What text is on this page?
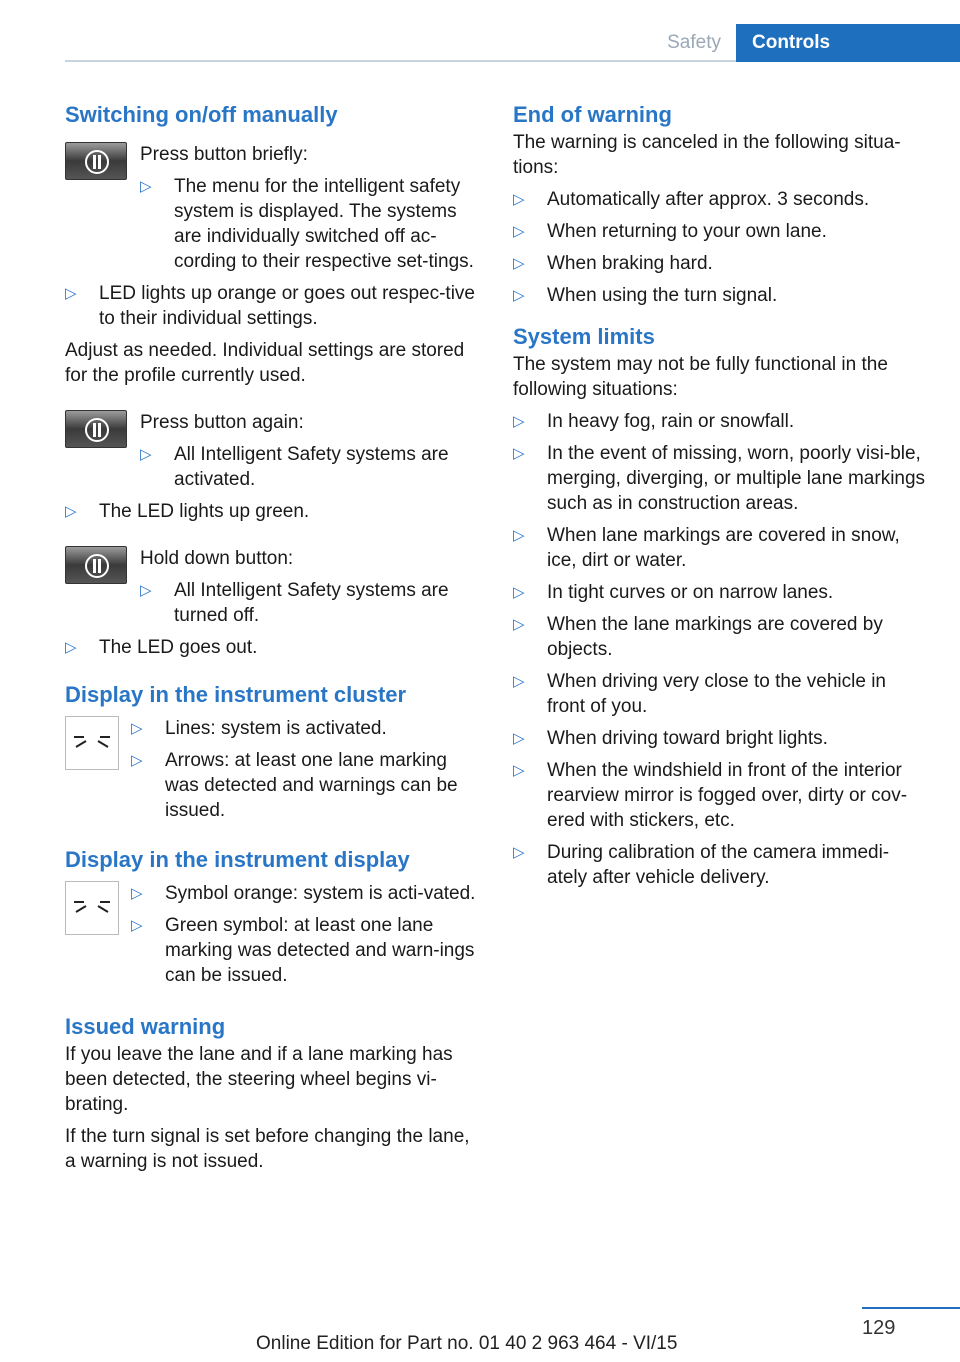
Safety	Controls
Switching on/off manually

Press button briefly:

▷ The menu for the intelligent safety system is displayed. The systems are individually switched off ac-cording to their respective set-tings.
▷ LED lights up orange or goes out respec-tive to their individual settings.

Adjust as needed. Individual settings are stored for the profile currently used.

Press button again:

▷ All Intelligent Safety systems are activated.
▷ The LED lights up green.

Hold down button:

▷ All Intelligent Safety systems are turned off.
▷ The LED goes out.
Display in the instrument cluster
▷ Lines: system is activated.
▷ Arrows: at least one lane marking was detected and warnings can be issued.
Display in the instrument display
▷ Symbol orange: system is acti-vated.
▷ Green symbol: at least one lane marking was detected and warn-ings can be issued.
Issued warning

If you leave the lane and if a lane marking has been detected, the steering wheel begins vi-brating.

If the turn signal is set before changing the lane, a warning is not issued.

End of warning

The warning is canceled in the following situa-tions:

▷ Automatically after approx. 3 seconds.
▷ When returning to your own lane.
▷ When braking hard.
▷ When using the turn signal.
System limits

The system may not be fully functional in the following situations:

▷ In heavy fog, rain or snowfall.
▷ In the event of missing, worn, poorly visi-ble, merging, diverging, or multiple lane markings such as in construction areas.
▷ When lane markings are covered in snow, ice, dirt or water.
▷ In tight curves or on narrow lanes.
▷ When the lane markings are covered by objects.
▷ When driving very close to the vehicle in front of you.
▷ When driving toward bright lights.
▷ When the windshield in front of the interior rearview mirror is fogged over, dirty or cov-ered with stickers, etc.
▷ During calibration of the camera immedi-ately after vehicle delivery.
129
Online Edition for Part no. 01 40 2 963 464 - VI/15
